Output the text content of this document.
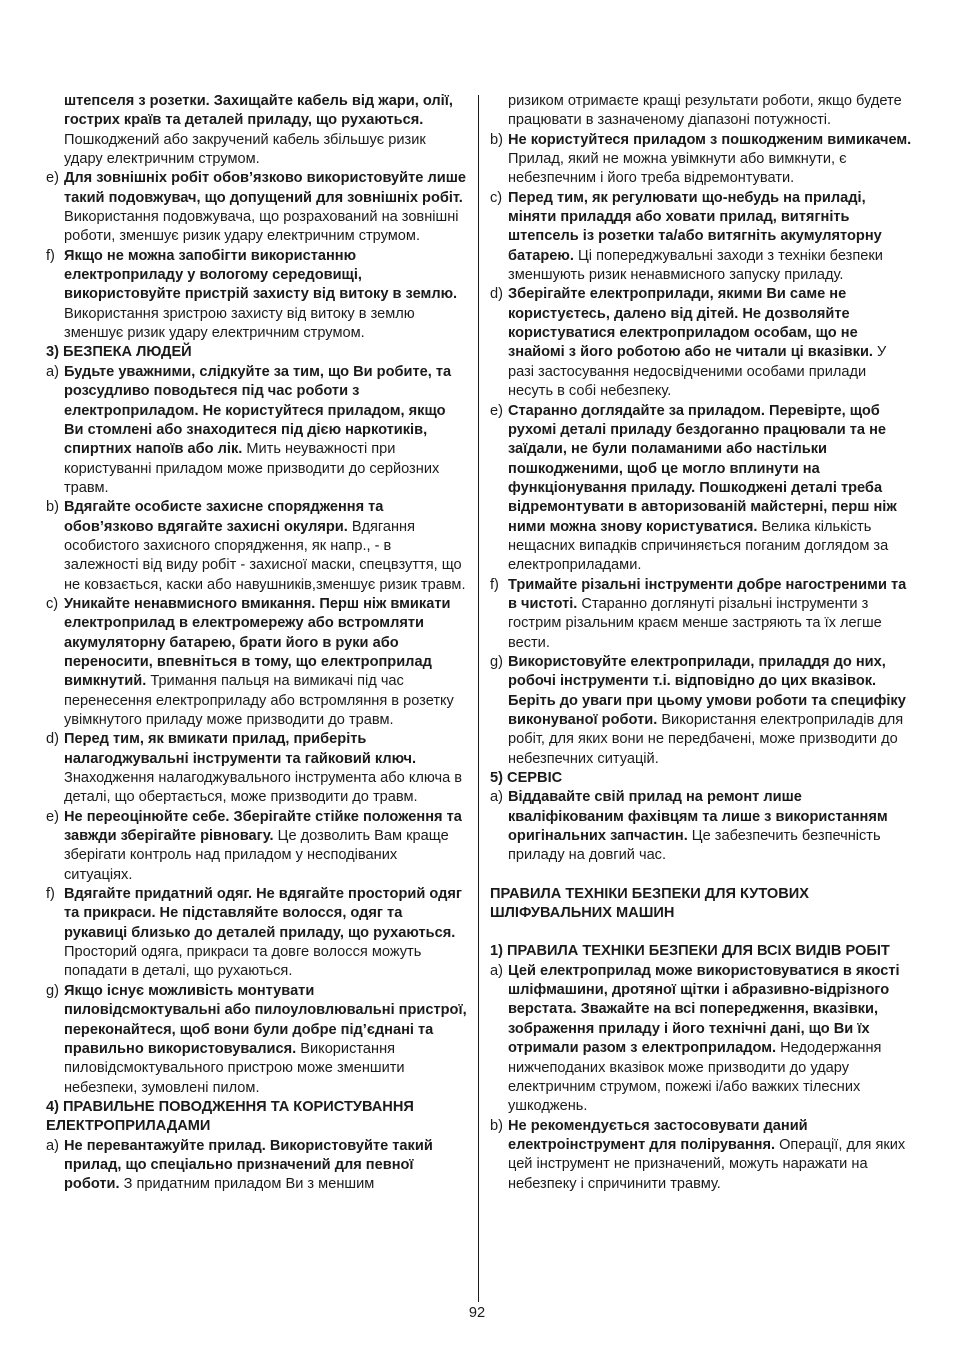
штепселя з розетки. Захищайте кабель від жари, олії, гострих країв та деталей приладу, що рухаються. Пошкоджений або закручений кабель збільшує ризик удару електричним струмом.

e) Для зовнішніх робіт обов’язково використовуйте лише такий подовжувач, що допущений для зовнішніх робіт. Використання подовжувача, що розрахований на зовнішні роботи, зменшує ризик удару електричним струмом.
f) Якщо не можна запобігти використанню електроприладу у вологому середовищі, використовуйте пристрій захисту від витоку в землю. Використання зристрою захисту від витоку в землю зменшує ризик удару електричним струмом.

3) БЕЗПЕКА ЛЮДЕЙ

a) Будьте уважними, слідкуйте за тим, що Ви робите, та розсудливо поводьтеся під час роботи з електроприладом. Не користуйтеся приладом, якщо Ви стомлені або знаходитеся під дією наркотиків, спиртних напоїв або лік. Мить неуважності при користуванні приладом може призводити до серйозних травм.
b) Вдягайте особисте захисне спорядження та обов’язково вдягайте захисні окуляри. Вдягання особистого захисного спорядження, як напр., - в залежності від виду робіт - захисної маски, спецвзуття, що не ковзається, каски або навушників,зменшує ризик травм.
c) Уникайте ненавмисного вмикання. Перш ніж вмикати електроприлад в електромережу або встромляти акумуляторну батарею, брати його в руки або переносити, впевніться в тому, що електроприлад вимкнутий. Тримання пальця на вимикачі під час перенесення електроприладу або встромляння в розетку увімкнутого приладу може призводити до травм.
d) Перед тим, як вмикати прилад, приберіть налагоджувальні інструменти та гайковий ключ. Знаходження налагоджувального інструмента або ключа в деталі, що обертається, може призводити до травм.
e) Не переоцінюйте себе. Зберігайте стійке положення та завжди зберігайте рівновагу. Це дозволить Вам краще зберігати контроль над приладом у несподіваних ситуаціях.
f) Вдягайте придатний одяг. Не вдягайте просторий одяг та прикраси. Не підставляйте волосся, одяг та рукавиці близько до деталей приладу, що рухаються. Просторий одяга, прикраси та довге волосся можуть попадати в деталі, що рухаються.
g) Якщо існує можливість монтувати пиловідсмоктувальні або пилоуловлювальні пристрої, переконайтеся, щоб вони були добре під’єднані та правильно використовувалися. Використання пиловідсмоктувального пристрою може зменшити небезпеки, зумовлені пилом.

4) ПРАВИЛЬНЕ ПОВОДЖЕННЯ ТА КОРИСТУВАННЯ ЕЛЕКТРОПРИЛАДАМИ

a) Не перевантажуйте прилад. Використовуйте такий прилад, що спеціально призначений для певної роботи. З придатним приладом Ви з меншим

ризиком отримаєте кращі результати роботи, якщо будете працювати в зазначеному діапазоні потужності.

b) Не користуйтеся приладом з пошкодженим вимикачем. Прилад, який не можна увімкнути або вимкнути, є небезпечним і його треба відремонтувати.
c) Перед тим, як регулювати що-небудь на приладі, міняти приладдя або ховати прилад, витягніть штепсель із розетки та/або витягніть акумуляторну батарею. Ці попереджувальні заходи з техніки безпеки зменшують ризик ненавмисного запуску приладу.
d) Зберігайте електроприлади, якими Ви саме не користуєтесь, далено від дітей. Не дозволяйте користуватися електроприладом особам, що не знайомі з його роботою або не читали ці вказівки. У разі застосування недосвідченими особами прилади несуть в собі небезпеку.
e) Старанно доглядайте за приладом. Перевірте, щоб рухомі деталі приладу бездоганно працювали та не заїдали, не були поламаними або настільки пошкодженими, щоб це могло вплинути на функціонування приладу. Пошкоджені деталі треба відремонтувати в авторизованій майстерні, перш ніж ними можна знову користуватися. Велика кількість нещасних випадків спричиняється поганим доглядом за електроприладами.
f) Тримайте різальні інструменти добре нагостреними та в чистоті. Старанно доглянуті різальні інструменти з гострим різальним краєм менше застряють та їх легше вести.
g) Використовуйте електроприлади, приладдя до них, робочі інструменти т.і. відповідно до цих вказівок. Беріть до уваги при цьому умови роботи та специфіку виконуваної роботи. Використання електроприладів для робіт, для яких вони не передбачені, може призводити до небезпечних ситуацій.

5) СЕРВІС

a) Віддавайте свій прилад на ремонт лише кваліфікованим фахівцям та лише з використанням оригінальних запчастин. Це забезпечить безпечність приладу на довгий час.

ПРАВИЛА ТЕХНІКИ БЕЗПЕКИ ДЛЯ КУТОВИХ ШЛІФУВАЛЬНИХ МАШИН

1) ПРАВИЛА ТЕХНІКИ БЕЗПЕКИ ДЛЯ ВСІХ ВИДІВ РОБІТ

a) Цей електроприлад може використовуватися в якості шліфмашини, дротяної щітки і абразивно-відрізного верстата. Зважайте на всі попередження, вказівки, зображення приладу і його технічні дані, що Ви їх отримали разом з електроприладом. Недодержання нижчеподаних вказівок може призводити до удару електричним струмом, пожежі і/або важких тілесних ушкоджень.
b) Не рекомендується застосовувати даний електроінструмент для полірування. Операції, для яких цей інструмент не призначений, можуть наражати на небезпеку і спричинити травму.
92
